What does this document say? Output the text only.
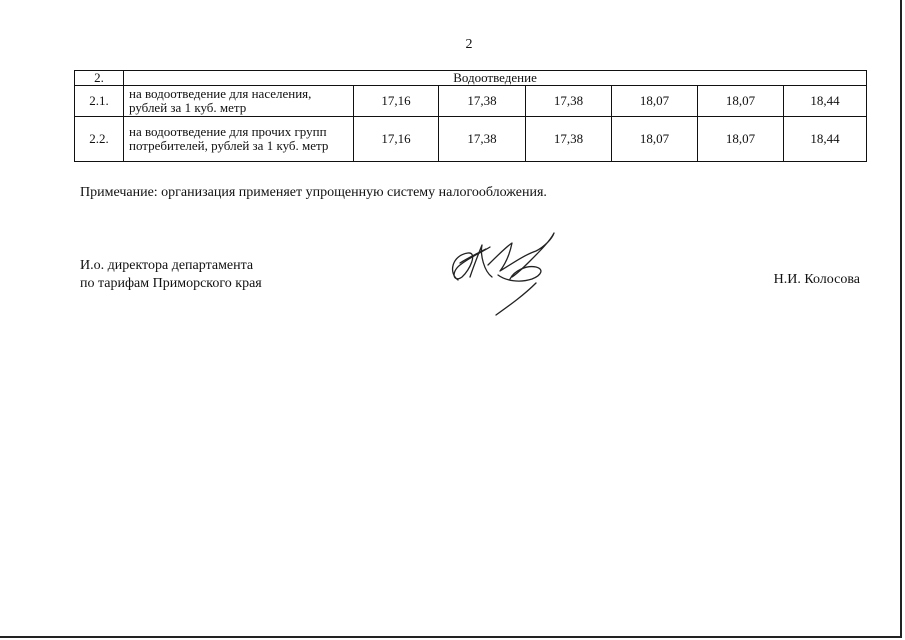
2
2.	Водоотведение						
2.1.	на водоотведение для населения, рублей за 1 куб. метр	17,16	17,38	17,38	18,07	18,07	18,44
2.2.	на водоотведение для прочих групп потребителей, рублей за 1 куб. метр	17,16	17,38	17,38	18,07	18,07	18,44
Примечание: организация применяет упрощенную систему налогообложения.
И.о. директора департамента
по тарифам Приморского края	Н.И. Колосова
